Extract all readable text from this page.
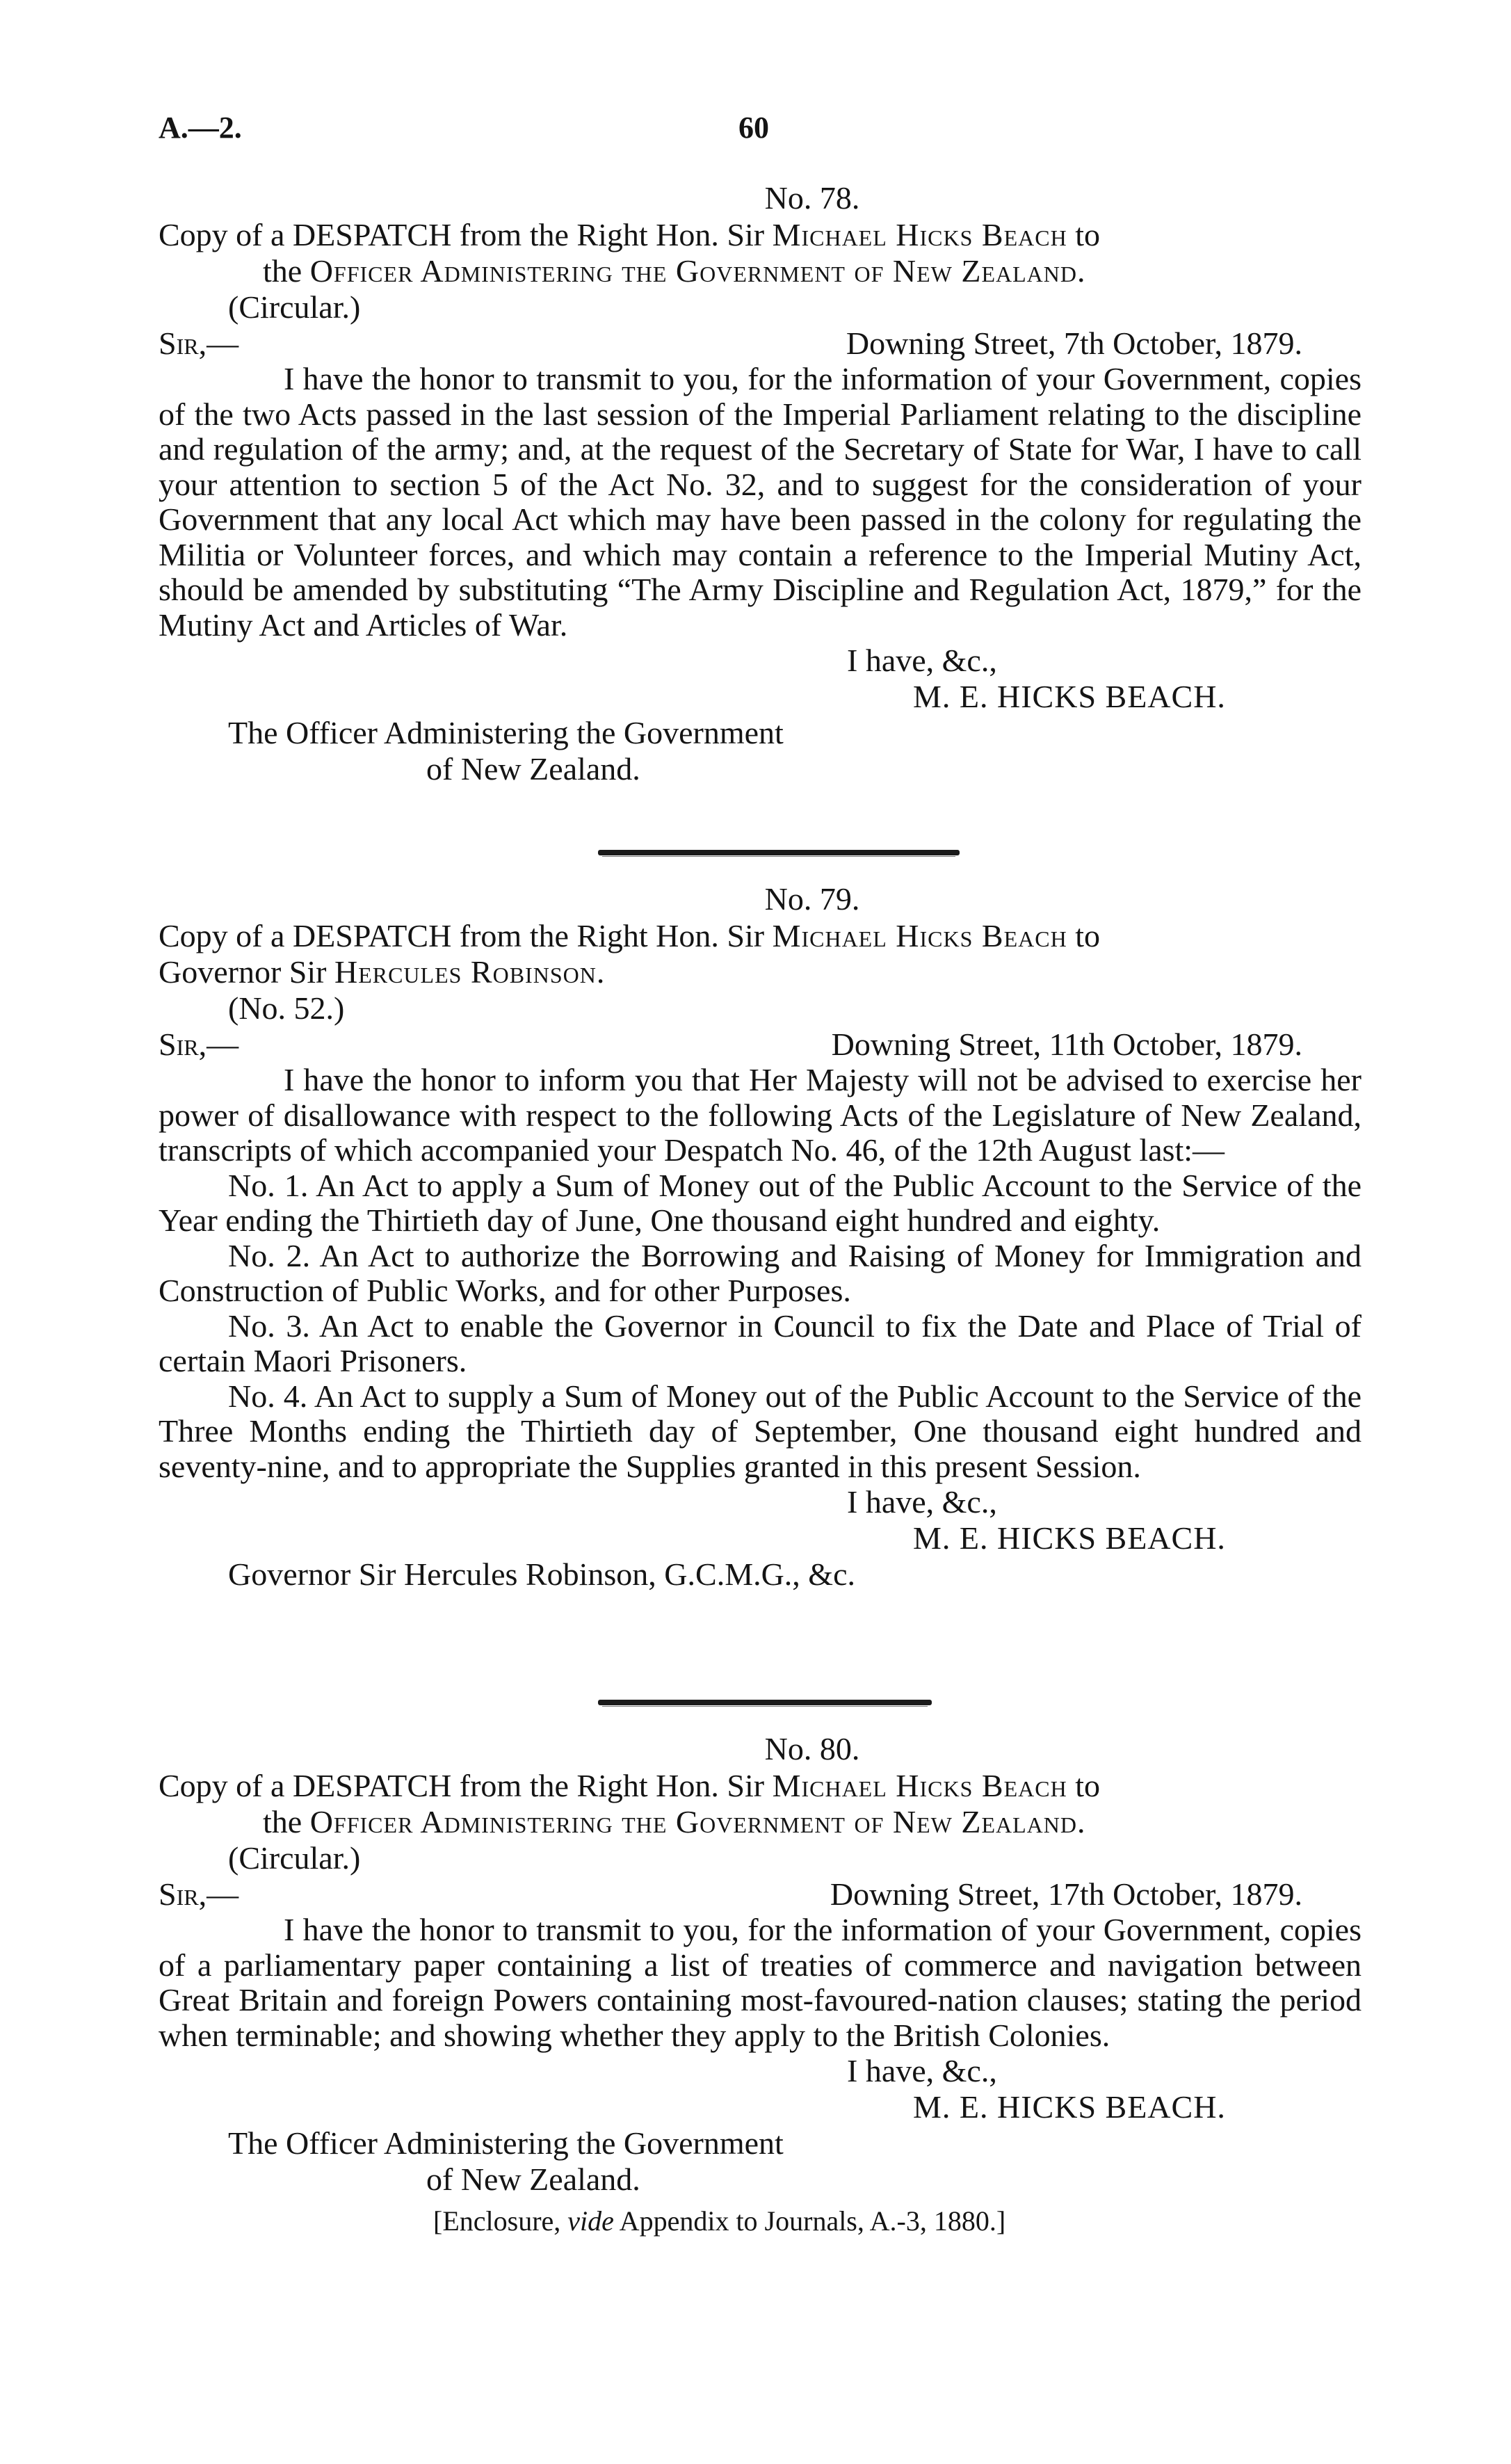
A.—2.	60

No. 78.

Copy of a DESPATCH from the Right Hon. Sir Michael Hicks Beach to
the Officer Administering the Government of New Zealand.

(Circular.)

Sir,—	Downing Street, 7th October, 1879.

I have the honor to transmit to you, for the information of your Government, copies of the two Acts passed in the last session of the Imperial Parliament relating to the discipline and regulation of the army; and, at the request of the Secretary of State for War, I have to call your attention to section 5 of the Act No. 32, and to suggest for the consideration of your Government that any local Act which may have been passed in the colony for regulating the Militia or Volunteer forces, and which may contain a reference to the Imperial Mutiny Act, should be amended by substituting “The Army Discipline and Regulation Act, 1879,” for the Mutiny Act and Articles of War.

I have, &c.,

M. E. HICKS BEACH.

The Officer Administering the Government

of New Zealand.

No. 79.

Copy of a DESPATCH from the Right Hon. Sir Michael Hicks Beach to
Governor Sir Hercules Robinson.

(No. 52.)

Sir,—	Downing Street, 11th October, 1879.

I have the honor to inform you that Her Majesty will not be advised to exercise her power of disallowance with respect to the following Acts of the Legislature of New Zealand, transcripts of which accompanied your Despatch No. 46, of the 12th August last:—

No. 1. An Act to apply a Sum of Money out of the Public Account to the Service of the Year ending the Thirtieth day of June, One thousand eight hundred and eighty.

No. 2. An Act to authorize the Borrowing and Raising of Money for Immigration and Construction of Public Works, and for other Purposes.

No. 3. An Act to enable the Governor in Council to fix the Date and Place of Trial of certain Maori Prisoners.

No. 4. An Act to supply a Sum of Money out of the Public Account to the Service of the Three Months ending the Thirtieth day of September, One thousand eight hundred and seventy-nine, and to appropriate the Supplies granted in this present Session.

I have, &c.,

M. E. HICKS BEACH.

Governor Sir Hercules Robinson, G.C.M.G., &c.

No. 80.

Copy of a DESPATCH from the Right Hon. Sir Michael Hicks Beach to
the Officer Administering the Government of New Zealand.

(Circular.)

Sir,—	Downing Street, 17th October, 1879.

I have the honor to transmit to you, for the information of your Government, copies of a parliamentary paper containing a list of treaties of commerce and navigation between Great Britain and foreign Powers containing most-favoured-nation clauses; stating the period when terminable; and showing whether they apply to the British Colonies.

I have, &c.,

M. E. HICKS BEACH.

The Officer Administering the Government

of New Zealand.

[Enclosure, vide Appendix to Journals, A.-3, 1880.]
